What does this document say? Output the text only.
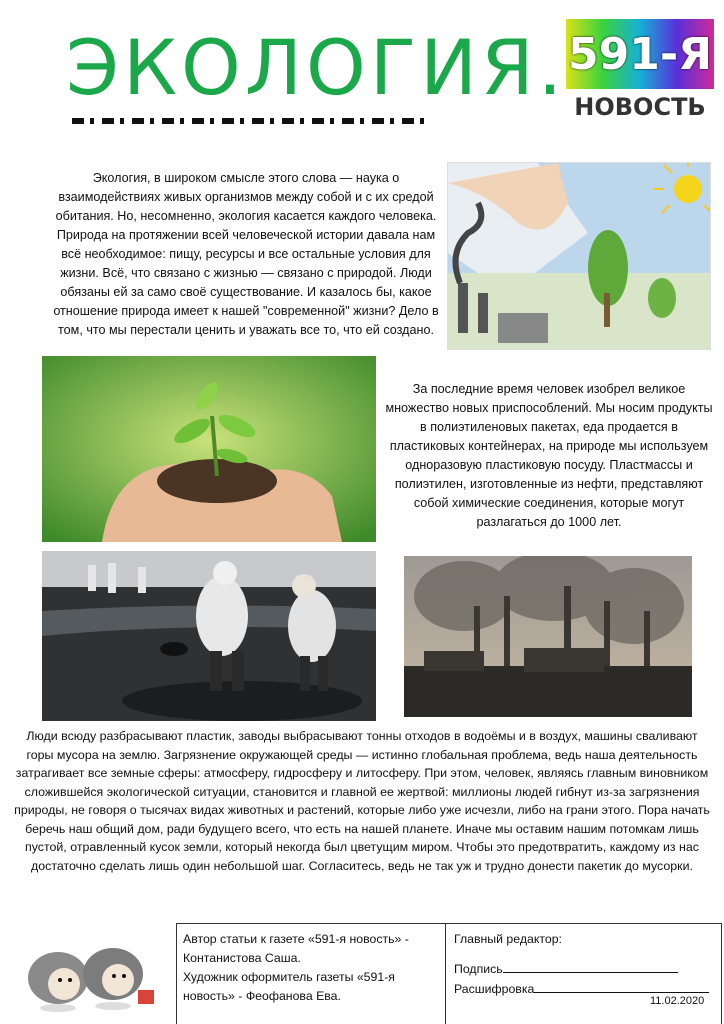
ЭКОЛОГИЯ. 591-Я
НОВОСТЬ

Экология, в широком смысле этого слова — наука о взаимодействиях живых организмов между собой и с их средой обитания. Но, несомненно, экология касается каждого человека. Природа на протяжении всей человеческой истории давала нам всё необходимое: пищу, ресурсы и все остальные условия для жизни. Всё, что связано с жизнью — связано с природой. Люди обязаны ей за само своё существование. И казалось бы, какое отношение природа имеет к нашей "современной" жизни? Дело в том, что мы перестали ценить и уважать все то, что ей создано.

За последние время человек изобрел великое множество новых приспособлений. Мы носим продукты в полиэтиленовых пакетах, еда продается в пластиковых контейнерах, на природе мы используем одноразовую пластиковую посуду. Пластмассы и полиэтилен, изготовленные из нефти, представляют собой химические соединения, которые могут разлагаться до 1000 лет.

Люди всюду разбрасывают пластик, заводы выбрасывают тонны отходов в водоёмы и в воздух, машины сваливают горы мусора на землю. Загрязнение окружающей среды — истинно глобальная проблема, ведь наша деятельность затрагивает все земные сферы: атмосферу, гидросферу и литосферу. При этом, человек, являясь главным виновником сложившейся экологической ситуации, становится и главной ее жертвой: миллионы людей гибнут из-за загрязнения природы, не говоря о тысячах видах животных и растений, которые либо уже исчезли, либо на грани этого. Пора начать беречь наш общий дом, ради будущего всего, что есть на нашей планете. Иначе мы оставим нашим потомкам лишь пустой, отравленный кусок земли, который некогда был цветущим миром. Чтобы это предотвратить, каждому из нас достаточно сделать лишь один небольшой шаг. Согласитесь, ведь не так уж и трудно донести пакетик до мусорки.

Автор статьи к газете «591-я новость» - Контанистова Саша.
Художник оформитель газеты «591-я новость» - Феофанова Ева.
Главный редактор:
Подпись
Расшифровка
11.02.2020
